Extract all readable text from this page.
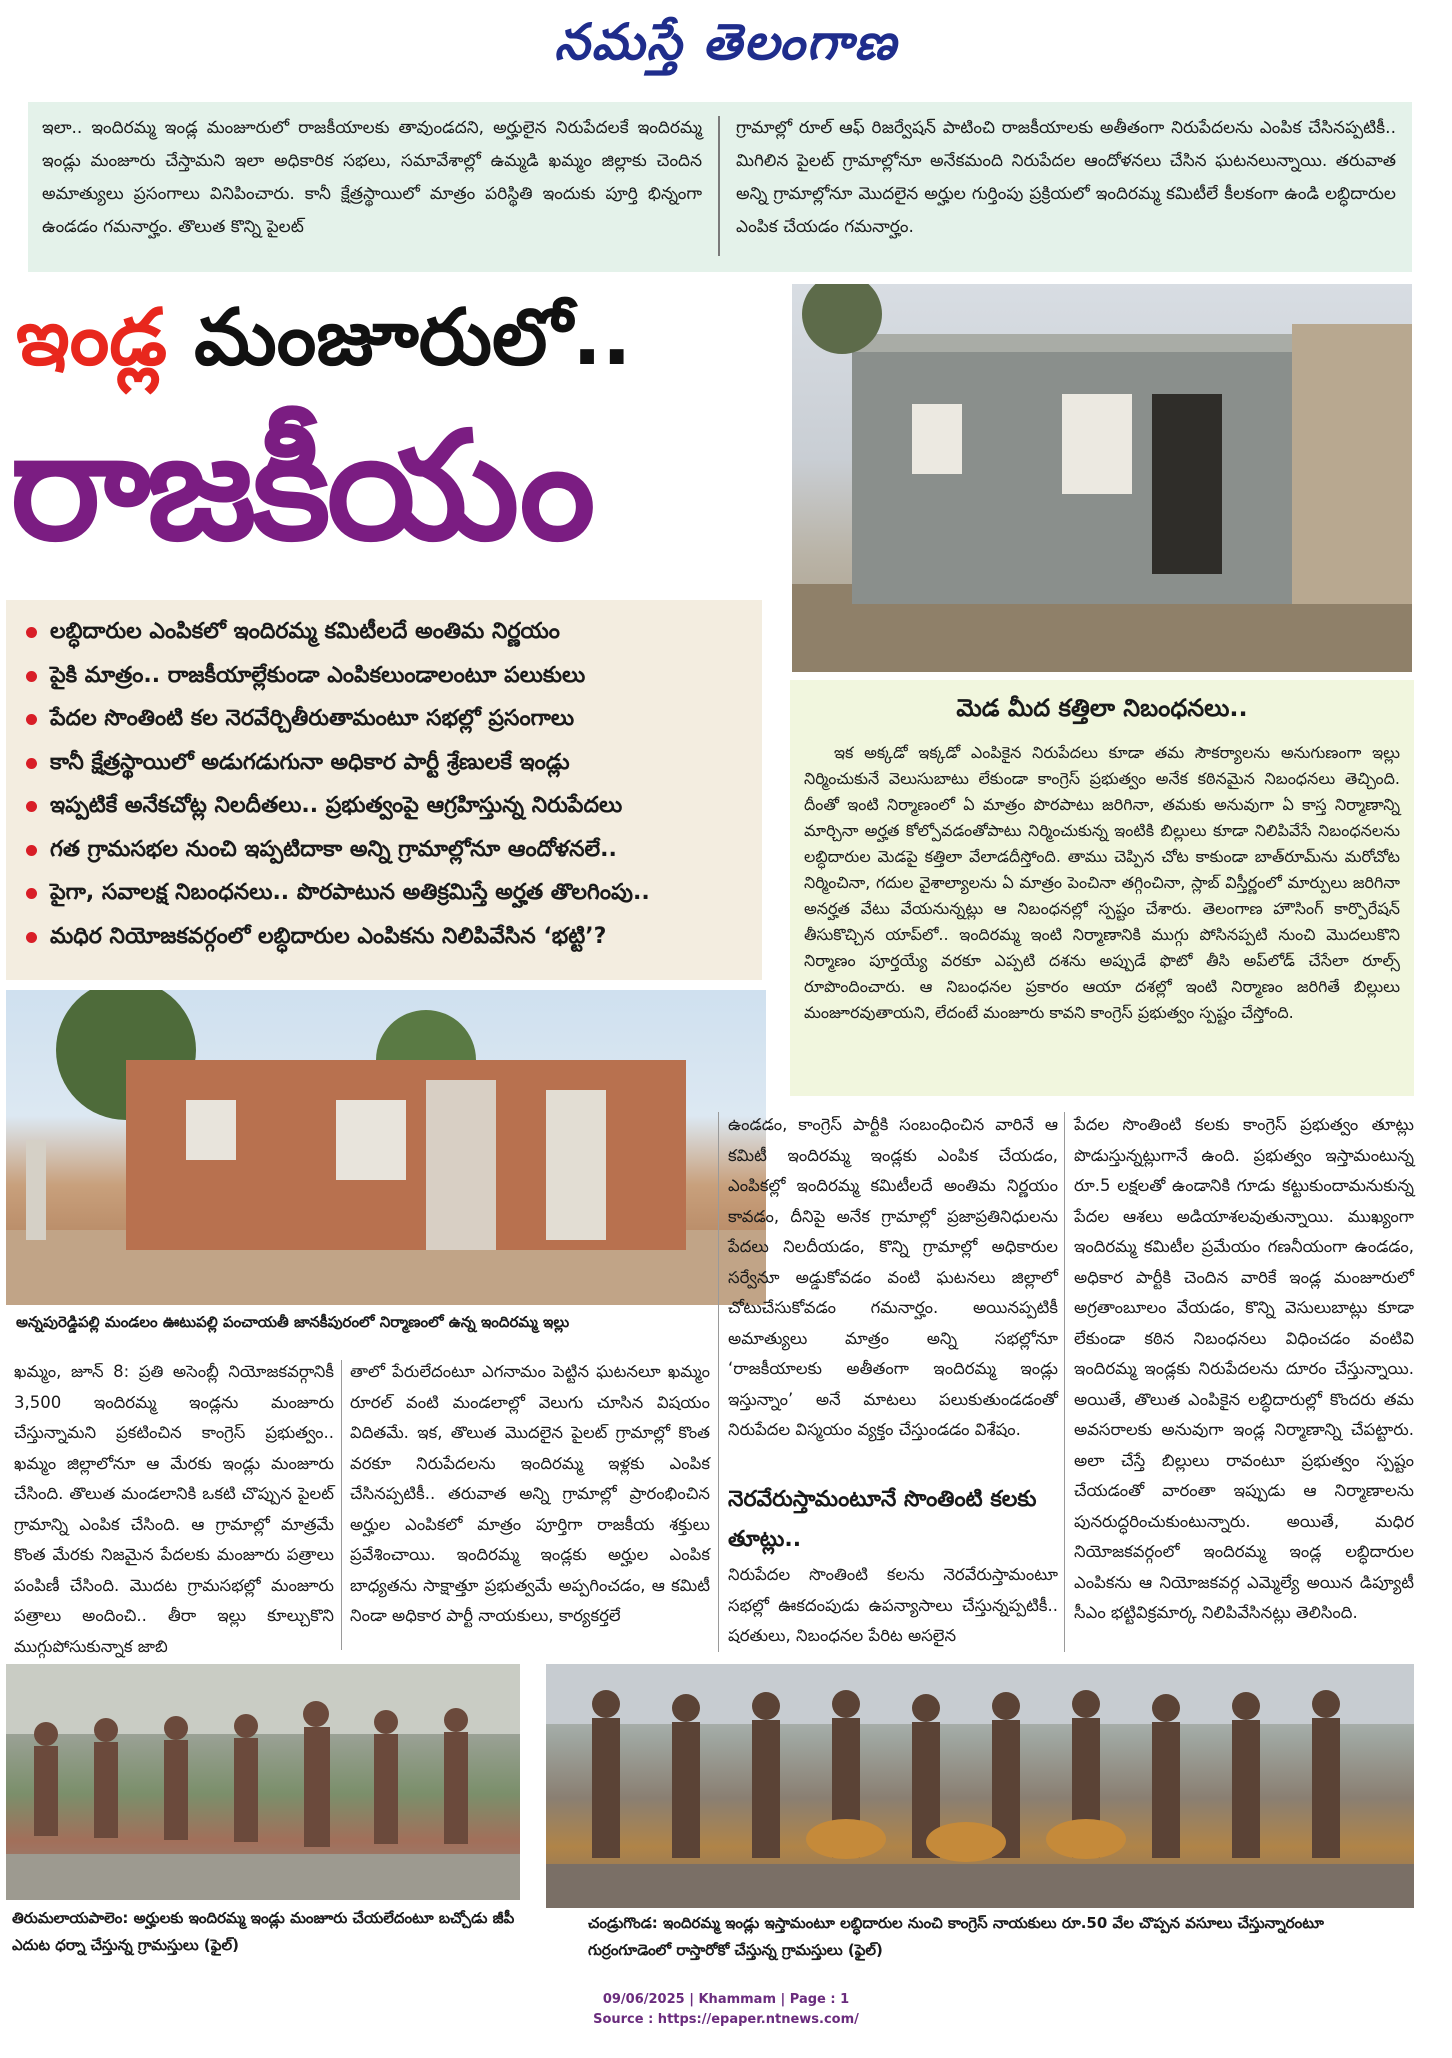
నమస్తే తెలంగాణ

ఇలా.. ఇందిరమ్మ ఇండ్ల మంజూరులో రాజకీయాలకు తావుండదని, అర్హులైన నిరుపేదలకే ఇందిరమ్మ ఇండ్లు మంజూరు చేస్తామని ఇలా అధికారిక సభలు, సమావేశాల్లో ఉమ్మడి ఖమ్మం జిల్లాకు చెందిన అమాత్యులు ప్రసంగాలు వినిపించారు. కానీ క్షేత్రస్థాయిలో మాత్రం పరిస్థితి ఇందుకు పూర్తి భిన్నంగా ఉండడం గమనార్హం. తొలుత కొన్ని పైలట్

గ్రామాల్లో రూల్ ఆఫ్ రిజర్వేషన్ పాటించి రాజకీయాలకు అతీతంగా నిరుపేదలను ఎంపిక చేసినప్పటికీ.. మిగిలిన పైలట్ గ్రామాల్లోనూ అనేకమంది నిరుపేదల ఆందోళనలు చేసిన ఘటనలున్నాయి. తరువాత అన్ని గ్రామాల్లోనూ మొదలైన అర్హుల గుర్తింపు ప్రక్రియలో ఇందిరమ్మ కమిటీలే కీలకంగా ఉండి లబ్ధిదారుల ఎంపిక చేయడం గమనార్హం.

ఇండ్ల మంజూరులో..
రాజకీయం
లబ్ధిదారుల ఎంపికలో ఇందిరమ్మ కమిటీలదే అంతిమ నిర్ణయం
పైకి మాత్రం.. రాజకీయాల్లేకుండా ఎంపికలుండాలంటూ పలుకులు
పేదల సొంతింటి కల నెరవేర్చితీరుతామంటూ సభల్లో ప్రసంగాలు
కానీ క్షేత్రస్థాయిలో అడుగడుగునా అధికార పార్టీ శ్రేణులకే ఇండ్లు
ఇప్పటికే అనేకచోట్ల నిలదీతలు.. ప్రభుత్వంపై ఆగ్రహిస్తున్న నిరుపేదలు
గత గ్రామసభల నుంచి ఇప్పటిదాకా అన్ని గ్రామాల్లోనూ ఆందోళనలే..
పైగా, సవాలక్ష నిబంధనలు.. పొరపాటున అతిక్రమిస్తే అర్హత తొలగింపు..
మధిర నియోజకవర్గంలో లబ్ధిదారుల ఎంపికను నిలిపివేసిన ‘భట్టి’?
మెడ మీద కత్తిలా నిబంధనలు..

ఇక అక్కడో ఇక్కడో ఎంపికైన నిరుపేదలు కూడా తమ సౌకర్యాలను అనుగుణంగా ఇల్లు నిర్మించుకునే వెలుసుబాటు లేకుండా కాంగ్రెస్ ప్రభుత్వం అనేక కఠినమైన నిబంధనలు తెచ్చింది. దీంతో ఇంటి నిర్మాణంలో ఏ మాత్రం పొరపాటు జరిగినా, తమకు అనువుగా ఏ కాస్త నిర్మాణాన్ని మార్చినా అర్హత కోల్పోవడంతోపాటు నిర్మించుకున్న ఇంటికి బిల్లులు కూడా నిలిపివేసే నిబంధనలను లబ్ధిదారుల మెడపై కత్తిలా వేలాడదీస్తోంది. తాము చెప్పిన చోట కాకుండా బాత్‌రూమ్‌ను మరోచోట నిర్మించినా, గదుల వైశాల్యాలను ఏ మాత్రం పెంచినా తగ్గించినా, స్లాబ్ విస్తీర్ణంలో మార్పులు జరిగినా అనర్హత వేటు వేయనున్నట్లు ఆ నిబంధనల్లో స్పష్టం చేశారు. తెలంగాణ హౌసింగ్ కార్పొరేషన్ తీసుకొచ్చిన యాప్‌లో.. ఇందిరమ్మ ఇంటి నిర్మాణానికి ముగ్గు పోసినప్పటి నుంచి మొదలుకొని నిర్మాణం పూర్తయ్యే వరకూ ఎప్పటి దశను అప్పుడే ఫొటో తీసి అప్‌లోడ్ చేసేలా రూల్స్ రూపొందించారు. ఆ నిబంధనల ప్రకారం ఆయా దశల్లో ఇంటి నిర్మాణం జరిగితే బిల్లులు మంజూరవుతాయని, లేదంటే మంజూరు కావని కాంగ్రెస్ ప్రభుత్వం స్పష్టం చేస్తోంది.

అన్నపురెడ్డిపల్లి మండలం ఊటుపల్లి పంచాయతీ జానకీపురంలో నిర్మాణంలో ఉన్న ఇందిరమ్మ ఇల్లు

ఖమ్మం, జూన్ 8: ప్రతి అసెంబ్లీ నియోజకవర్గానికీ 3,500 ఇందిరమ్మ ఇండ్లను మంజూరు చేస్తున్నామని ప్రకటించిన కాంగ్రెస్ ప్రభుత్వం.. ఖమ్మం జిల్లాలోనూ ఆ మేరకు ఇండ్లు మంజూరు చేసింది. తొలుత మండలానికి ఒకటి చొప్పున పైలట్ గ్రామాన్ని ఎంపిక చేసింది. ఆ గ్రామాల్లో మాత్రమే కొంత మేరకు నిజమైన పేదలకు మంజూరు పత్రాలు పంపిణీ చేసింది. మొదట గ్రామసభల్లో మంజూరు పత్రాలు అందించి.. తీరా ఇల్లు కూల్చుకొని ముగ్గుపోసుకున్నాక జాబి

తాలో పేరులేదంటూ ఎగనామం పెట్టిన ఘటనలూ ఖమ్మం రూరల్ వంటి మండలాల్లో వెలుగు చూసిన విషయం విదితమే. ఇక, తొలుత మొదలైన పైలట్ గ్రామాల్లో కొంత వరకూ నిరుపేదలను ఇందిరమ్మ ఇళ్లకు ఎంపిక చేసినప్పటికీ.. తరువాత అన్ని గ్రామాల్లో ప్రారంభించిన అర్హుల ఎంపికలో మాత్రం పూర్తిగా రాజకీయ శక్తులు ప్రవేశించాయి. ఇందిరమ్మ ఇండ్లకు అర్హుల ఎంపిక బాధ్యతను సాక్షాత్తూ ప్రభుత్వమే అప్పగించడం, ఆ కమిటీ నిండా అధికార పార్టీ నాయకులు, కార్యకర్తలే

ఉండడం, కాంగ్రెస్ పార్టీకి సంబంధించిన వారినే ఆ కమిటీ ఇందిరమ్మ ఇండ్లకు ఎంపిక చేయడం, ఎంపికల్లో ఇందిరమ్మ కమిటీలదే అంతిమ నిర్ణయం కావడం, దీనిపై అనేక గ్రామాల్లో ప్రజాప్రతినిధులను పేదలు నిలదీయడం, కొన్ని గ్రామాల్లో అధికారుల సర్వేనూ అడ్డుకోవడం వంటి ఘటనలు జిల్లాలో చోటుచేసుకోవడం గమనార్హం. అయినప్పటికీ అమాత్యులు మాత్రం అన్ని సభల్లోనూ ‘రాజకీయాలకు అతీతంగా ఇందిరమ్మ ఇండ్లు ఇస్తున్నాం’ అనే మాటలు పలుకుతుండడంతో నిరుపేదల విస్మయం వ్యక్తం చేస్తుండడం విశేషం.

నెరవేరుస్తామంటూనే సొంతింటి కలకు తూట్లు..

నిరుపేదల సొంతింటి కలను నెరవేరుస్తామంటూ సభల్లో ఊకదంపుడు ఉపన్యాసాలు చేస్తున్నప్పటికీ.. షరతులు, నిబంధనల పేరిట అసలైన

పేదల సొంతింటి కలకు కాంగ్రెస్ ప్రభుత్వం తూట్లు పొడుస్తున్నట్లుగానే ఉంది. ప్రభుత్వం ఇస్తామంటున్న రూ.5 లక్షలతో ఉండానికి గూడు కట్టుకుందామనుకున్న పేదల ఆశలు అడియాశలవుతున్నాయి. ముఖ్యంగా ఇందిరమ్మ కమిటీల ప్రమేయం గణనీయంగా ఉండడం, అధికార పార్టీకి చెందిన వారికే ఇండ్ల మంజూరులో అగ్రతాంబూలం వేయడం, కొన్ని వెసులుబాట్లు కూడా లేకుండా కఠిన నిబంధనలు విధించడం వంటివి ఇందిరమ్మ ఇండ్లకు నిరుపేదలను దూరం చేస్తున్నాయి. అయితే, తొలుత ఎంపికైన లబ్ధిదారుల్లో కొందరు తమ అవసరాలకు అనువుగా ఇండ్ల నిర్మాణాన్ని చేపట్టారు. అలా చేస్తే బిల్లులు రావంటూ ప్రభుత్వం స్పష్టం చేయడంతో వారంతా ఇప్పుడు ఆ నిర్మాణాలను పునరుద్ధరించుకుంటున్నారు. అయితే, మధిర నియోజకవర్గంలో ఇందిరమ్మ ఇండ్ల లబ్ధిదారుల ఎంపికను ఆ నియోజకవర్గ ఎమ్మెల్యే అయిన డిప్యూటీ సీఎం భట్టివిక్రమార్క నిలిపివేసినట్లు తెలిసింది.

తిరుమలాయపాలెం: అర్హులకు ఇందిరమ్మ ఇండ్లు మంజూరు చేయలేదంటూ బచ్చోడు జీపీ ఎదుట ధర్నా చేస్తున్న గ్రామస్తులు (ఫైల్)
చండ్రుగొండ: ఇందిరమ్మ ఇండ్లు ఇస్తామంటూ లబ్ధిదారుల నుంచి కాంగ్రెస్ నాయకులు రూ.50 వేల చొప్పన వసూలు చేస్తున్నారంటూ గుర్రంగూడెంలో రాస్తారోకో చేస్తున్న గ్రామస్తులు (ఫైల్)
09/06/2025 | Khammam | Page : 1
Source : https://epaper.ntnews.com/
